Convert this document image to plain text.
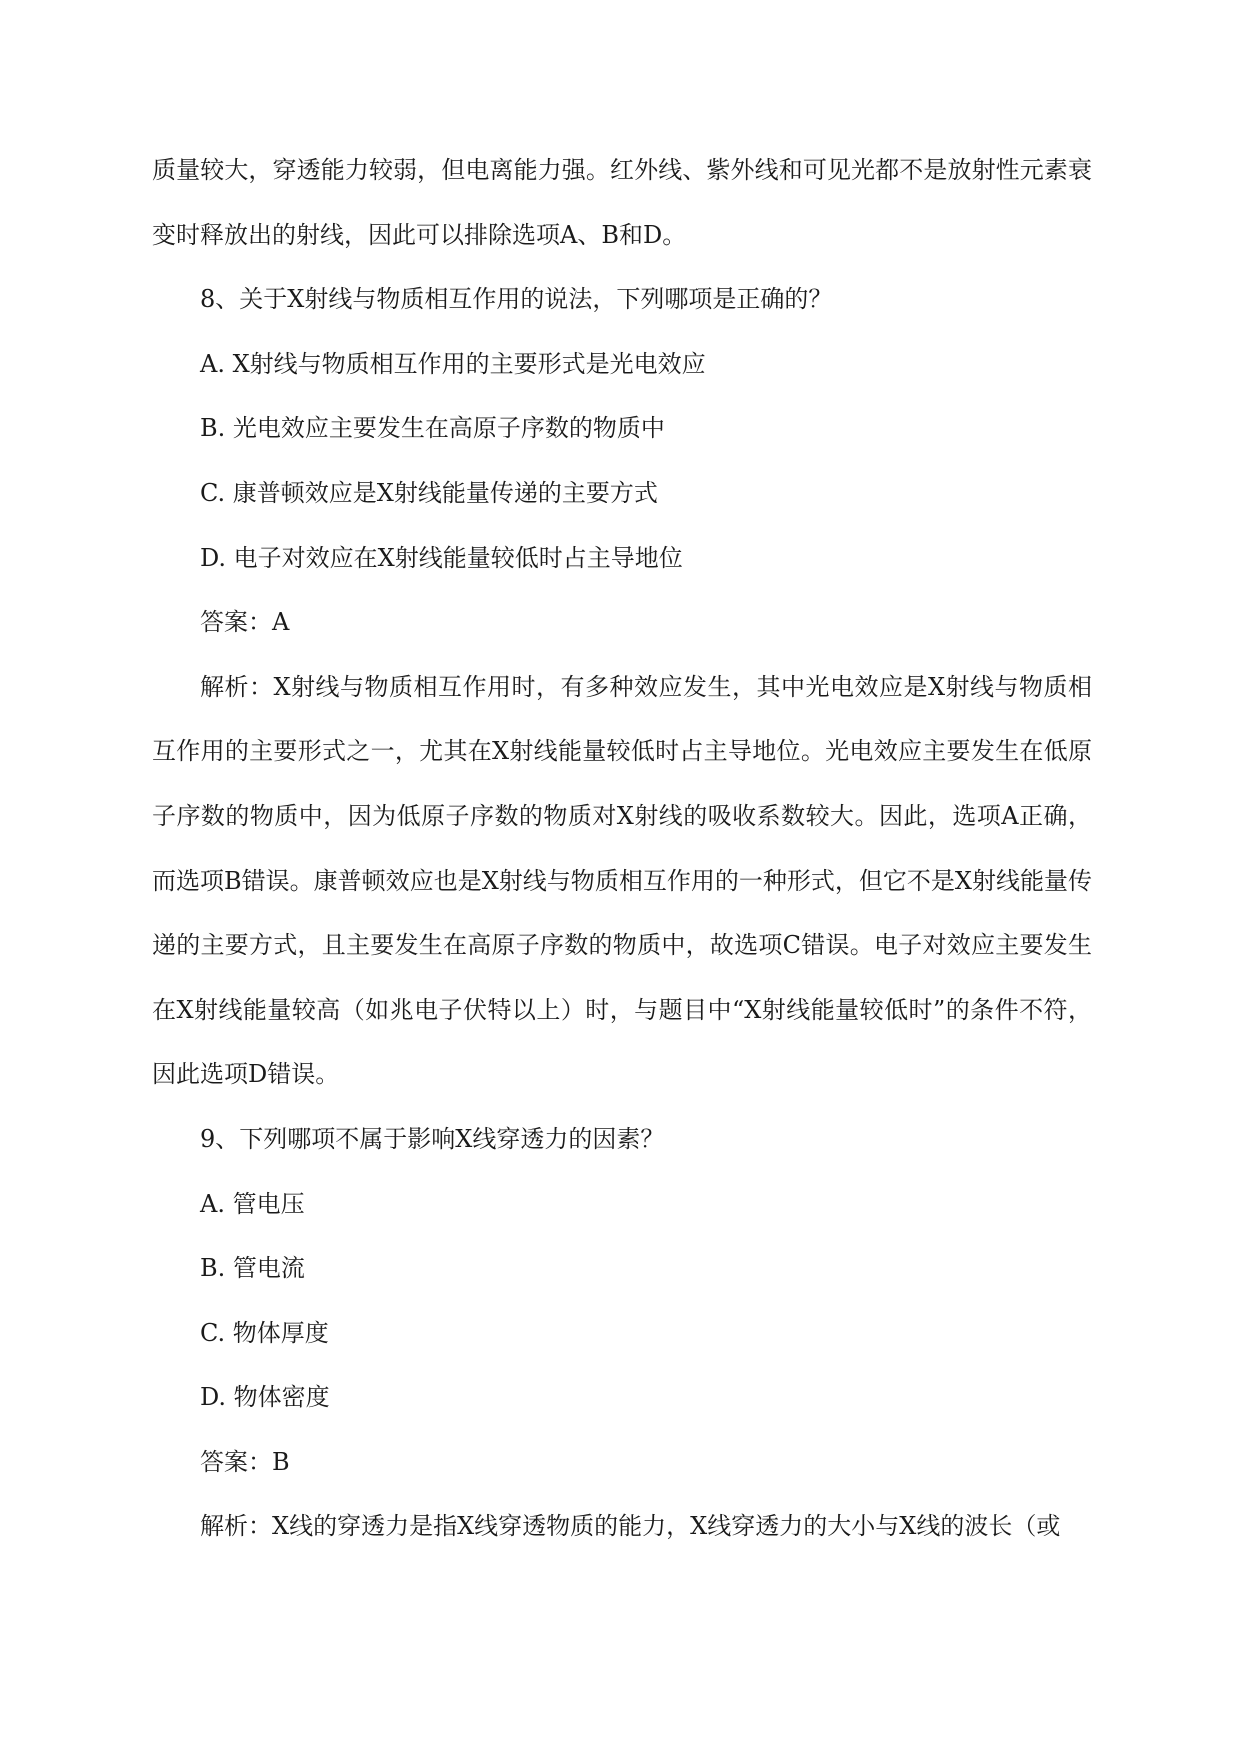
质量较大，穿透能力较弱，但电离能力强。红外线、紫外线和可见光都不是放射性元素衰变时释放出的射线，因此可以排除选项A、B和D。

8、关于X射线与物质相互作用的说法，下列哪项是正确的？

A. X射线与物质相互作用的主要形式是光电效应

B. 光电效应主要发生在高原子序数的物质中

C. 康普顿效应是X射线能量传递的主要方式

D. 电子对效应在X射线能量较低时占主导地位

答案：A

解析：X射线与物质相互作用时，有多种效应发生，其中光电效应是X射线与物质相互作用的主要形式之一，尤其在X射线能量较低时占主导地位。光电效应主要发生在低原子序数的物质中，因为低原子序数的物质对X射线的吸收系数较大。因此，选项A正确，而选项B错误。康普顿效应也是X射线与物质相互作用的一种形式，但它不是X射线能量传递的主要方式，且主要发生在高原子序数的物质中，故选项C错误。电子对效应主要发生在X射线能量较高（如兆电子伏特以上）时，与题目中“X射线能量较低时”的条件不符，因此选项D错误。

9、下列哪项不属于影响X线穿透力的因素？

A. 管电压

B. 管电流

C. 物体厚度

D. 物体密度

答案：B

解析：X线的穿透力是指X线穿透物质的能力，X线穿透力的大小与X线的波长（或
